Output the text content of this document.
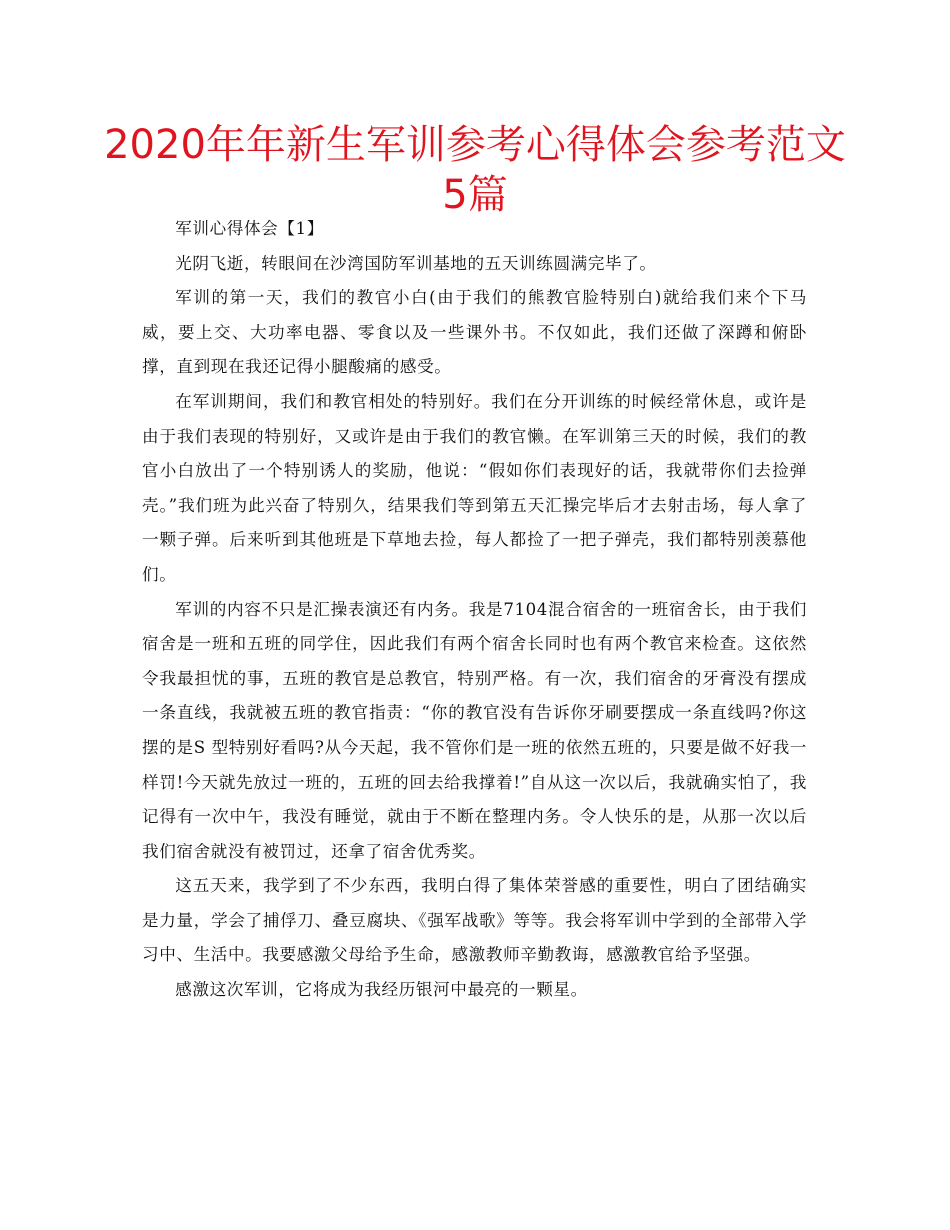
2020年年新生军训参考心得体会参考范文
5篇

军训心得体会【1】

光阴飞逝，转眼间在沙湾国防军训基地的五天训练圆满完毕了。

军训的第一天，我们的教官小白(由于我们的熊教官脸特别白)就给我们来个下马威，要上交、大功率电器、零食以及一些课外书。不仅如此，我们还做了深蹲和俯卧撑，直到现在我还记得小腿酸痛的感受。

在军训期间，我们和教官相处的特别好。我们在分开训练的时候经常休息，或许是由于我们表现的特别好，又或许是由于我们的教官懒。在军训第三天的时候，我们的教官小白放出了一个特别诱人的奖励，他说：“假如你们表现好的话，我就带你们去捡弹壳。”我们班为此兴奋了特别久，结果我们等到第五天汇操完毕后才去射击场，每人拿了一颗子弹。后来听到其他班是下草地去捡，每人都捡了一把子弹壳，我们都特别羡慕他们。

军训的内容不只是汇操表演还有内务。我是7104混合宿舍的一班宿舍长，由于我们宿舍是一班和五班的同学住，因此我们有两个宿舍长同时也有两个教官来检查。这依然令我最担忧的事，五班的教官是总教官，特别严格。有一次，我们宿舍的牙膏没有摆成一条直线，我就被五班的教官指责：“你的教官没有告诉你牙刷要摆成一条直线吗?你这摆的是S 型特别好看吗?从今天起，我不管你们是一班的依然五班的，只要是做不好我一样罚!今天就先放过一班的，五班的回去给我撑着!”自从这一次以后，我就确实怕了，我记得有一次中午，我没有睡觉，就由于不断在整理内务。令人快乐的是，从那一次以后我们宿舍就没有被罚过，还拿了宿舍优秀奖。

这五天来，我学到了不少东西，我明白得了集体荣誉感的重要性，明白了团结确实是力量，学会了捕俘刀、叠豆腐块、《强军战歌》等等。我会将军训中学到的全部带入学习中、生活中。我要感激父母给予生命，感激教师辛勤教诲，感激教官给予坚强。

感激这次军训，它将成为我经历银河中最亮的一颗星。
